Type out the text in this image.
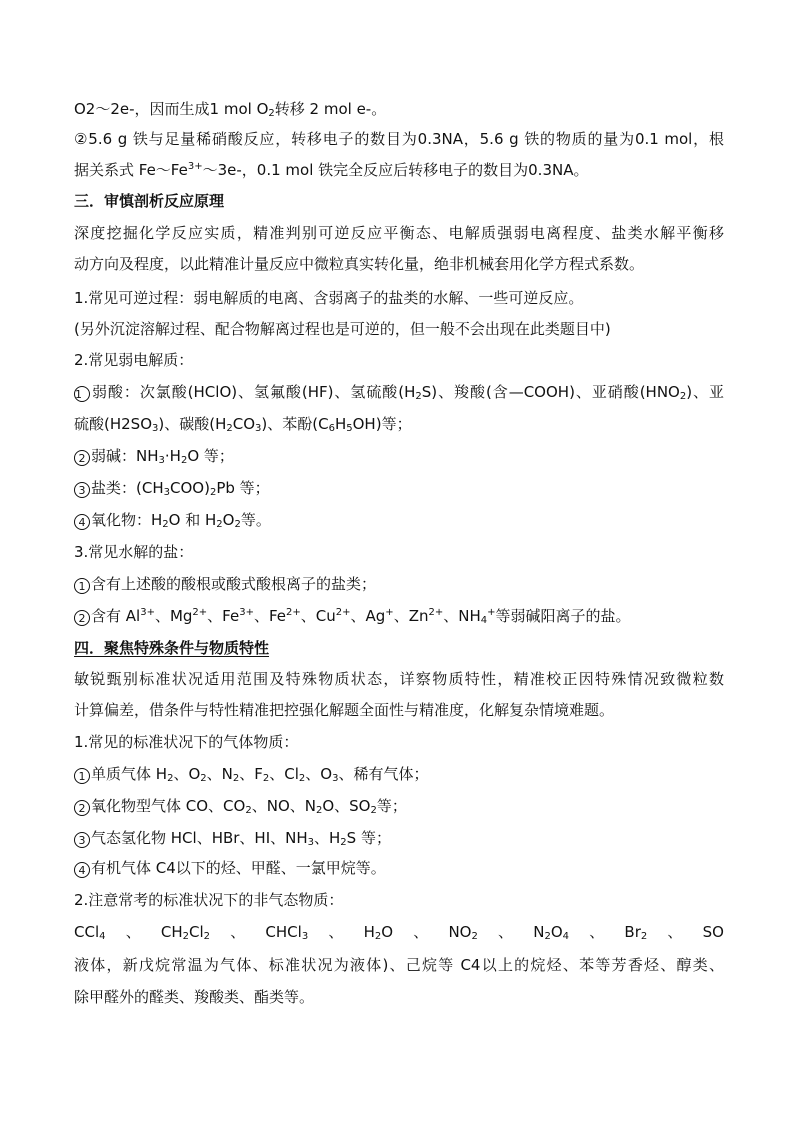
O2～2e-，因而生成1 mol $O_2$转移 2 mol e-。
②5.6 g 铁与足量稀硝酸反应，转移电子的数目为0.3NA，5.6 g 铁的物质的量为0.1 mol，根
据关系式 $Fe\sim Fe^{3+}\sim 3e-$，0.1 mol 铁完全反应后转移电子的数目为0.3NA。
三．审慎剖析反应原理
深度挖掘化学反应实质，精准判别可逆反应平衡态、电解质强弱电离程度、盐类水解平衡移
动方向及程度，以此精准计量反应中微粒真实转化量，绝非机械套用化学方程式系数。
1.常见可逆过程：弱电解质的电离、含弱离子的盐类的水解、一些可逆反应。
(另外沉淀溶解过程、配合物解离过程也是可逆的，但一般不会出现在此类题目中)
2.常见弱电解质：
1 弱酸：次氯酸(HClO)、氢氟酸(HF)、氢硫酸$(H_2S)$、羧酸(含—COOH)、亚硝酸$(HNO_2)$、亚
硫酸$(H2SO_3)$、碳酸$(H_2CO_3)$、苯酚$(C_6H_5OH)$等；
2 弱碱：$NH_3\cdot H_2O$ 等；
3 盐类：$(CH_3COO)_2Pb$ 等；
4 氧化物：$H_2O$ 和 $H_2O_2$等。
3.常见水解的盐：
1 含有上述酸的酸根或酸式酸根离子的盐类；
2 含有 $Al^{3+}$、$Mg^{2+}$、$Fe^{3+}$、$Fe^{2+}$、$Cu^{2+}$、Ag+、$Zn^{2+}$、$NH_4^+$等弱碱阳离子的盐。
四．聚焦特殊条件与物质特性
敏锐甄别标准状况适用范围及特殊物质状态，详察物质特性，精准校正因特殊情况致微粒数
计算偏差，借条件与特性精准把控强化解题全面性与精准度，化解复杂情境难题。
1.常见的标准状况下的气体物质：
1 单质气体 $H_2$、$O_2$、$N_2$、$F_2$、$Cl_2$、$O_3$、稀有气体；
2 氧化物型气体 CO、$CO_2$、NO、$N_2O$、$SO_2$等；
3 气态氢化物 HCl、HBr、HI、$NH_3$、$H_2S$ 等；
4 有机气体 C4以下的烃、甲醛、一氯甲烷等。
2.注意常考的标准状况下的非气态物质：
CCl$_4$、$CH_2Cl_2$、CHCl$_3$、$H_2O$、$NO_2$、$N_2O_4$、$Br_2$、SO
液体，新戊烷常温为气体、标准状况为液体)、己烷等 C4以上的烷烃、苯等芳香烃、醇类、
除甲醛外的醛类、羧酸类、酯类等。
